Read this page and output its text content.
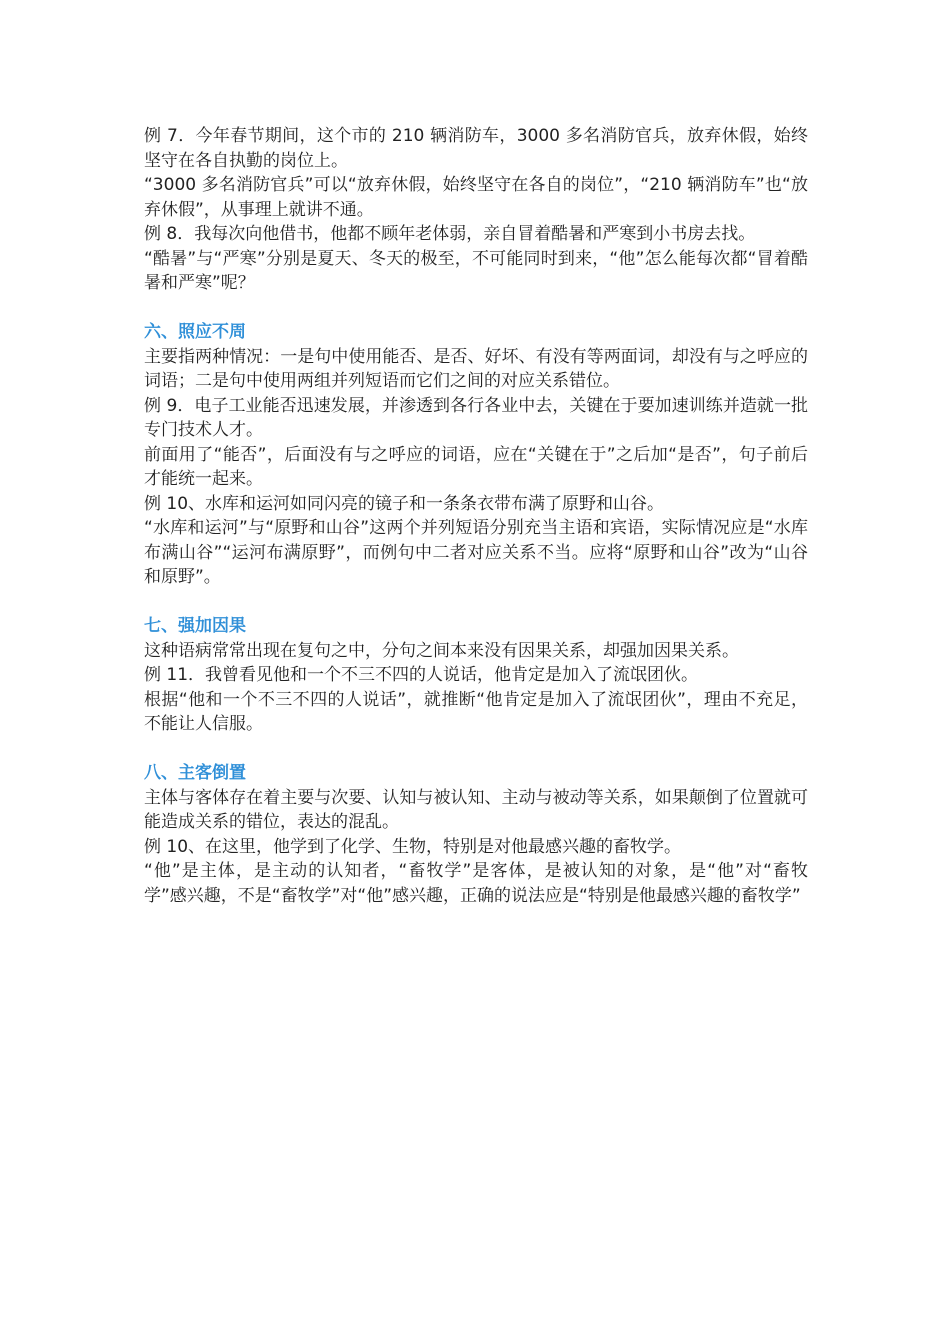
例 7．今年春节期间，这个市的 210 辆消防车，3000 多名消防官兵，放弃休假，始终坚守在各自执勤的岗位上。

“3000 多名消防官兵”可以“放弃休假，始终坚守在各自的岗位”，“210 辆消防车”也“放弃休假”，从事理上就讲不通。

例 8．我每次向他借书，他都不顾年老体弱，亲自冒着酷暑和严寒到小书房去找。

“酷暑”与“严寒”分别是夏天、冬天的极至，不可能同时到来，“他”怎么能每次都“冒着酷暑和严寒”呢？

六、照应不周

主要指两种情况：一是句中使用能否、是否、好坏、有没有等两面词，却没有与之呼应的词语；二是句中使用两组并列短语而它们之间的对应关系错位。

例 9．电子工业能否迅速发展，并渗透到各行各业中去，关键在于要加速训练并造就一批专门技术人才。

前面用了“能否”，后面没有与之呼应的词语，应在“关键在于”之后加“是否”，句子前后才能统一起来。

例 10、水库和运河如同闪亮的镜子和一条条衣带布满了原野和山谷。

“水库和运河”与“原野和山谷”这两个并列短语分别充当主语和宾语，实际情况应是“水库布满山谷”“运河布满原野”，而例句中二者对应关系不当。应将“原野和山谷”改为“山谷和原野”。

七、强加因果

这种语病常常出现在复句之中，分句之间本来没有因果关系，却强加因果关系。

例 11．我曾看见他和一个不三不四的人说话，他肯定是加入了流氓团伙。

根据“他和一个不三不四的人说话”，就推断“他肯定是加入了流氓团伙”，理由不充足，不能让人信服。

八、主客倒置

主体与客体存在着主要与次要、认知与被认知、主动与被动等关系，如果颠倒了位置就可能造成关系的错位，表达的混乱。

例 10、在这里，他学到了化学、生物，特别是对他最感兴趣的畜牧学。

“他”是主体，是主动的认知者，“畜牧学”是客体，是被认知的对象，是“他”对“畜牧学”感兴趣，不是“畜牧学”对“他”感兴趣，正确的说法应是“特别是他最感兴趣的畜牧学”
